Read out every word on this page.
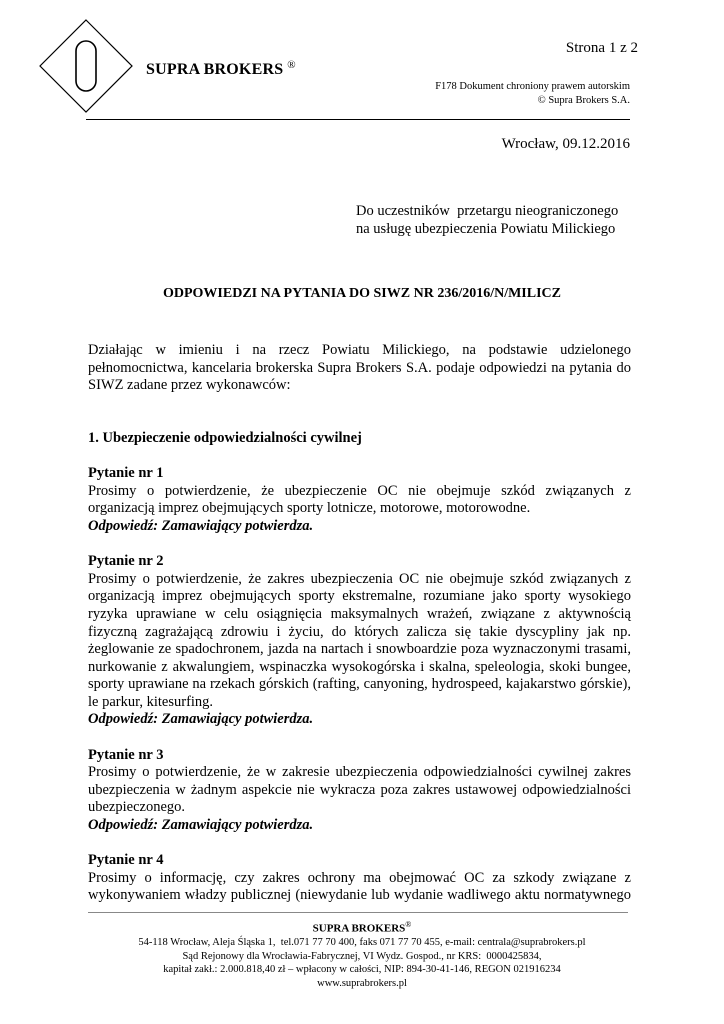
SUPRA BROKERS ®
Strona 1 z 2
F178 Dokument chroniony prawem autorskim
© Supra Brokers S.A.
Wrocław, 09.12.2016
Do uczestników  przetargu nieograniczonego
na usługę ubezpieczenia Powiatu Milickiego
ODPOWIEDZI NA PYTANIA DO SIWZ NR 236/2016/N/MILICZ

Działając w imieniu i na rzecz Powiatu Milickiego, na podstawie udzielonego pełnomocnictwa, kancelaria brokerska Supra Brokers S.A. podaje odpowiedzi na pytania do SIWZ zadane przez wykonawców:

1. Ubezpieczenie odpowiedzialności cywilnej

Pytanie nr 1

Prosimy o potwierdzenie, że ubezpieczenie OC nie obejmuje szkód związanych z organizacją imprez obejmujących sporty lotnicze, motorowe, motorowodne.

Odpowiedź: Zamawiający potwierdza.

Pytanie nr 2

Prosimy o potwierdzenie, że zakres ubezpieczenia OC nie obejmuje szkód związanych z organizacją imprez obejmujących sporty ekstremalne, rozumiane jako sporty wysokiego ryzyka uprawiane w celu osiągnięcia maksymalnych wrażeń, związane z aktywnością fizyczną zagrażającą zdrowiu i życiu, do których zalicza się takie dyscypliny jak np. żeglowanie ze spadochronem, jazda na nartach i snowboardzie poza wyznaczonymi trasami, nurkowanie z akwalungiem, wspinaczka wysokogórska i skalna, speleologia, skoki bungee, sporty uprawiane na rzekach górskich (rafting, canyoning, hydrospeed, kajakarstwo górskie), le parkur, kitesurfing.

Odpowiedź: Zamawiający potwierdza.

Pytanie nr 3

Prosimy o potwierdzenie, że w zakresie ubezpieczenia odpowiedzialności cywilnej zakres ubezpieczenia w żadnym aspekcie nie wykracza poza zakres ustawowej odpowiedzialności ubezpieczonego.

Odpowiedź: Zamawiający potwierdza.

Pytanie nr 4

Prosimy o informację, czy zakres ochrony ma obejmować OC za szkody związane z wykonywaniem władzy publicznej (niewydanie lub wydanie wadliwego aktu normatywnego

SUPRA BROKERS®
54-118 Wrocław, Aleja Śląska 1,  tel.071 77 70 400, faks 071 77 70 455, e-mail: centrala@suprabrokers.pl
Sąd Rejonowy dla Wrocławia-Fabrycznej, VI Wydz. Gospod., nr KRS:  0000425834,
kapitał zakł.: 2.000.818,40 zł – wpłacony w całości, NIP: 894-30-41-146, REGON 021916234
www.suprabrokers.pl
